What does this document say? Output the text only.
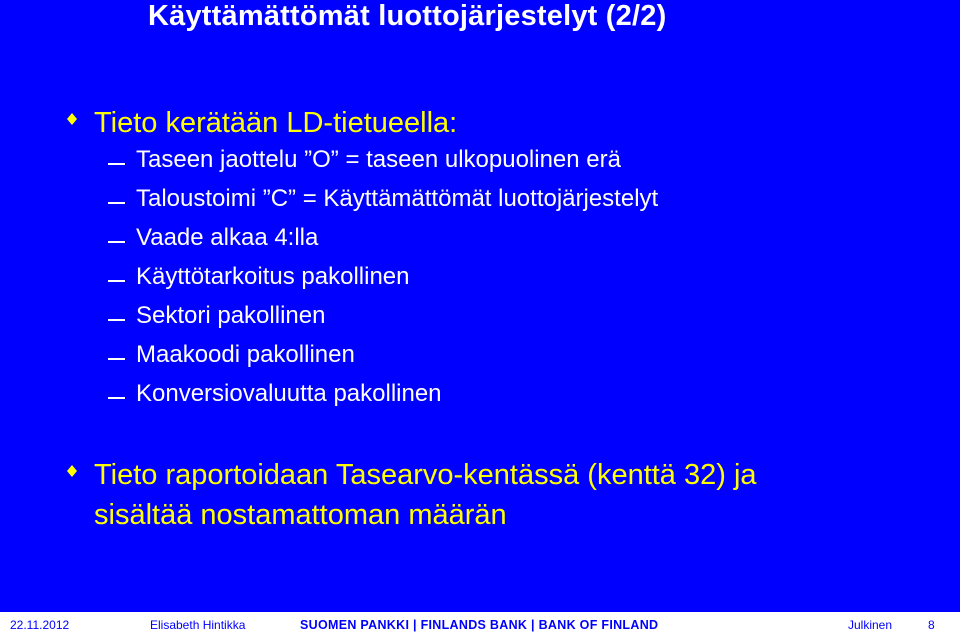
Käyttämättömät luottojärjestelyt (2/2)
Tieto kerätään LD-tietueella:
Taseen jaottelu ”O” = taseen ulkopuolinen erä
Taloustoimi ”C” = Käyttämättömät luottojärjestelyt
Vaade alkaa 4:lla
Käyttötarkoitus pakollinen
Sektori pakollinen
Maakoodi pakollinen
Konversiovaluutta pakollinen
Tieto raportoidaan Tasearvo-kentässä (kenttä 32) ja
sisältää nostamattoman määrän
22.11.2012	Elisabeth Hintikka	SUOMEN PANKKI | FINLANDS BANK | BANK OF FINLAND	Julkinen	8
